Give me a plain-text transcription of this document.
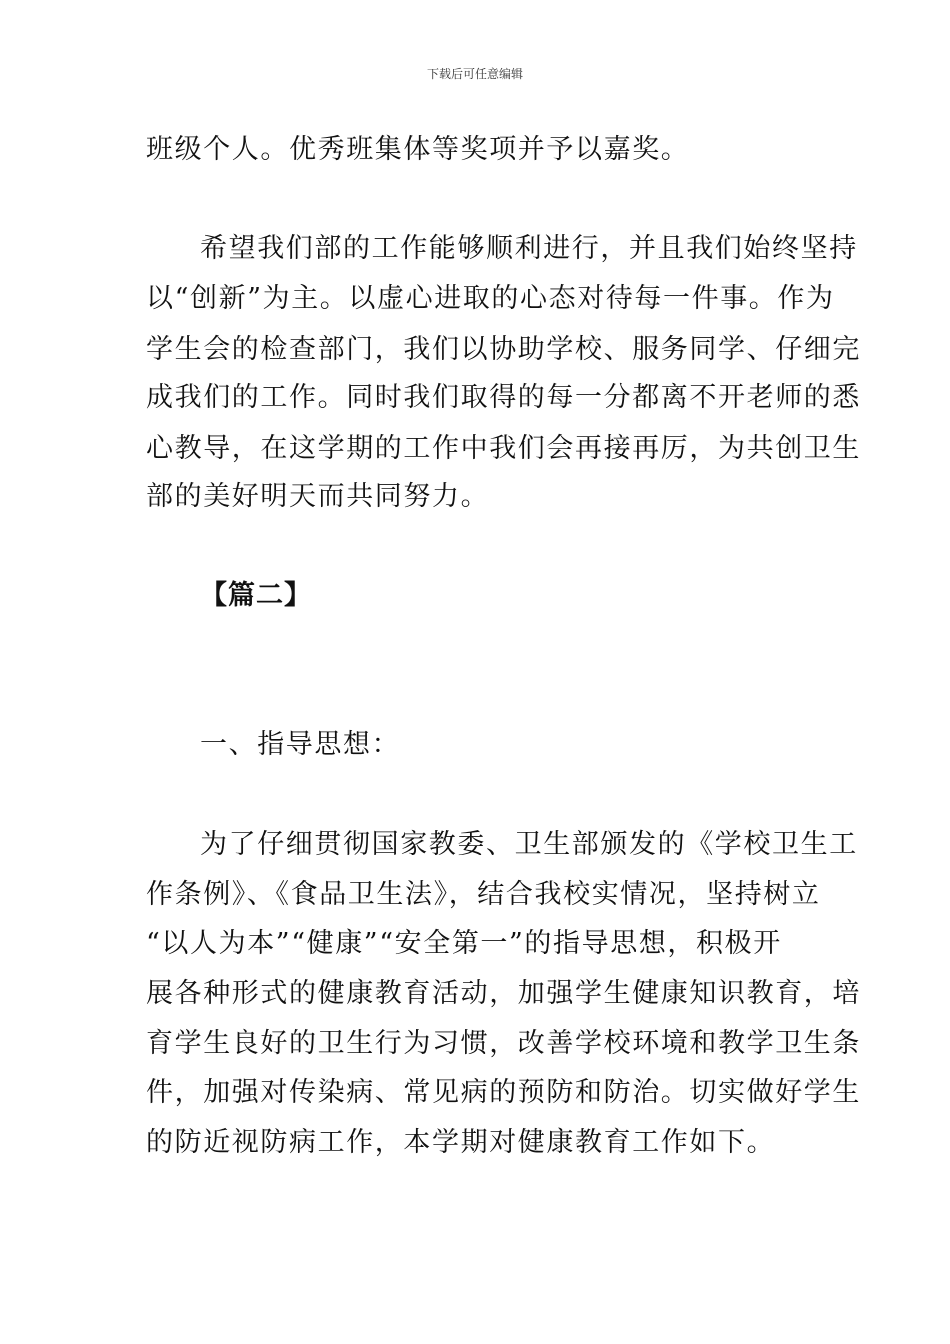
下载后可任意编辑
班级个人。优秀班集体等奖项并予以嘉奖。
希望我们部的工作能够顺利进行，并且我们始终坚持
以“创新”为主。以虚心进取的心态对待每一件事。作为
学生会的检查部门，我们以协助学校、服务同学、仔细完
成我们的工作。同时我们取得的每一分都离不开老师的悉
心教导，在这学期的工作中我们会再接再厉，为共创卫生
部的美好明天而共同努力。
【篇二】
一、指导思想：
为了仔细贯彻国家教委、卫生部颁发的《学校卫生工
作条例》、《食品卫生法》，结合我校实情况，坚持树立
“以人为本”“健康”“安全第一”的指导思想，积极开
展各种形式的健康教育活动，加强学生健康知识教育，培
育学生良好的卫生行为习惯，改善学校环境和教学卫生条
件，加强对传染病、常见病的预防和防治。切实做好学生
的防近视防病工作，本学期对健康教育工作如下。
